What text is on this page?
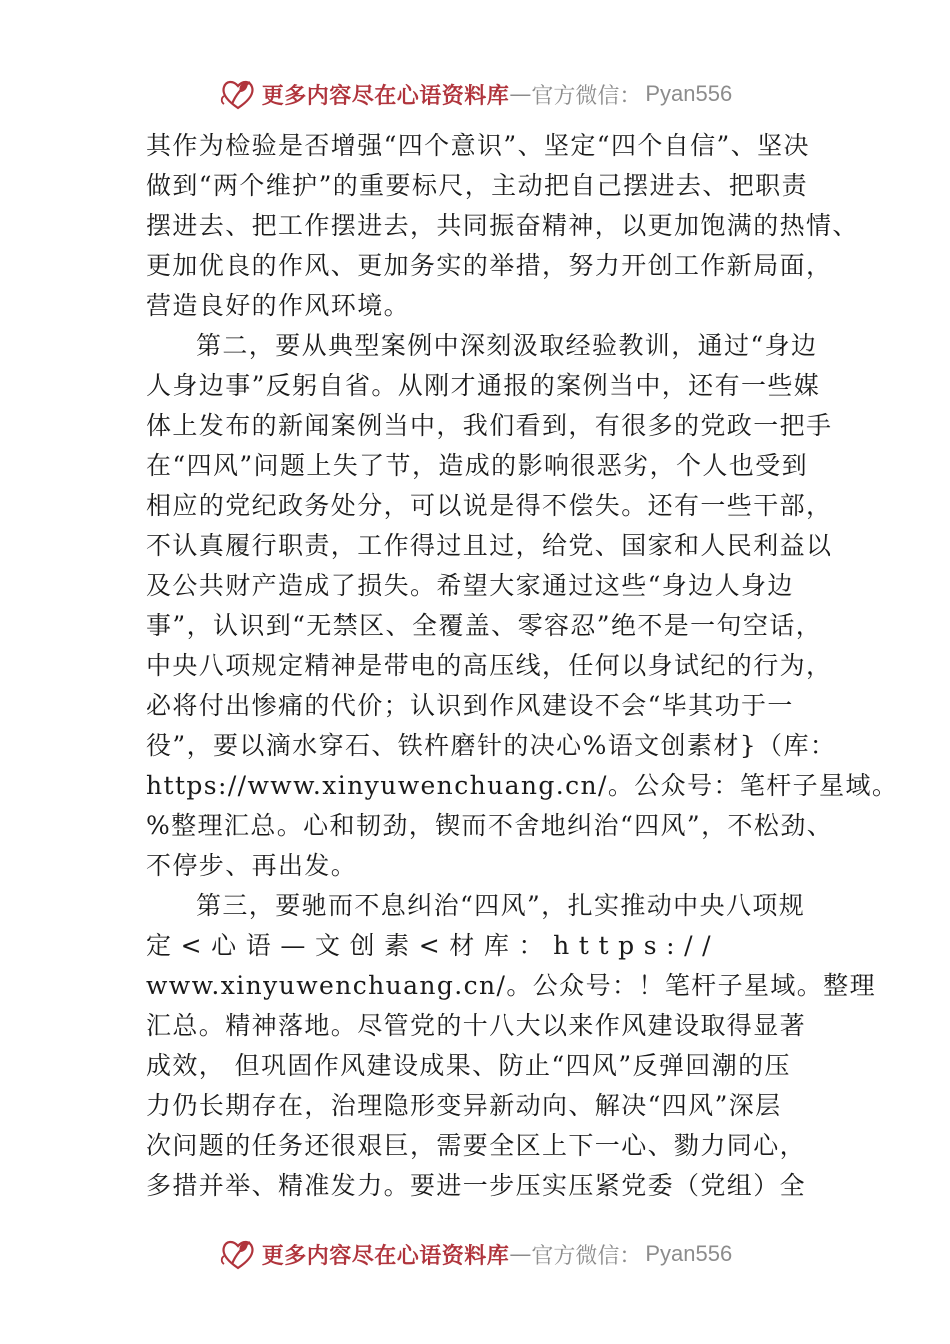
更多内容尽在心语资料库 — 官方微信： Pyan556
其作为检验是否增强“四个意识”、坚定“四个自信”、坚决
做到“两个维护”的重要标尺，主动把自己摆进去、把职责
摆进去、把工作摆进去，共同振奋精神，以更加饱满的热情、
更加优良的作风、更加务实的举措，努力开创工作新局面，
营造良好的作风环境。
第二，要从典型案例中深刻汲取经验教训，通过“身边
人身边事”反躬自省。从刚才通报的案例当中，还有一些媒
体上发布的新闻案例当中，我们看到，有很多的党政一把手
在“四风”问题上失了节，造成的影响很恶劣，个人也受到
相应的党纪政务处分，可以说是得不偿失。还有一些干部，
不认真履行职责，工作得过且过，给党、国家和人民利益以
及公共财产造成了损失。希望大家通过这些“身边人身边
事”，认识到“无禁区、全覆盖、零容忍”绝不是一句空话，
中央八项规定精神是带电的高压线，任何以身试纪的行为，
必将付出惨痛的代价；认识到作风建设不会“毕其功于一
役”，要以滴水穿石、铁杵磨针的决心%语文创素材}（库：
https://www.xinyuwenchuang.cn/。公众号：笔杆子星域。
%整理汇总。心和韧劲，锲而不舍地纠治“四风”，不松劲、
不停步、再出发。
第三，要驰而不息纠治“四风”，扎实推动中央八项规
定<心语—文创素<材库：https://
www.xinyuwenchuang.cn/。公众号：！笔杆子星域。整理
汇总。精神落地。尽管党的十八大以来作风建设取得显著
成效， 但巩固作风建设成果、防止“四风”反弹回潮的压
力仍长期存在，治理隐形变异新动向、解决“四风”深层
次问题的任务还很艰巨，需要全区上下一心、勠力同心，
多措并举、精准发力。要进一步压实压紧党委（党组）全
更多内容尽在心语资料库 — 官方微信： Pyan556
